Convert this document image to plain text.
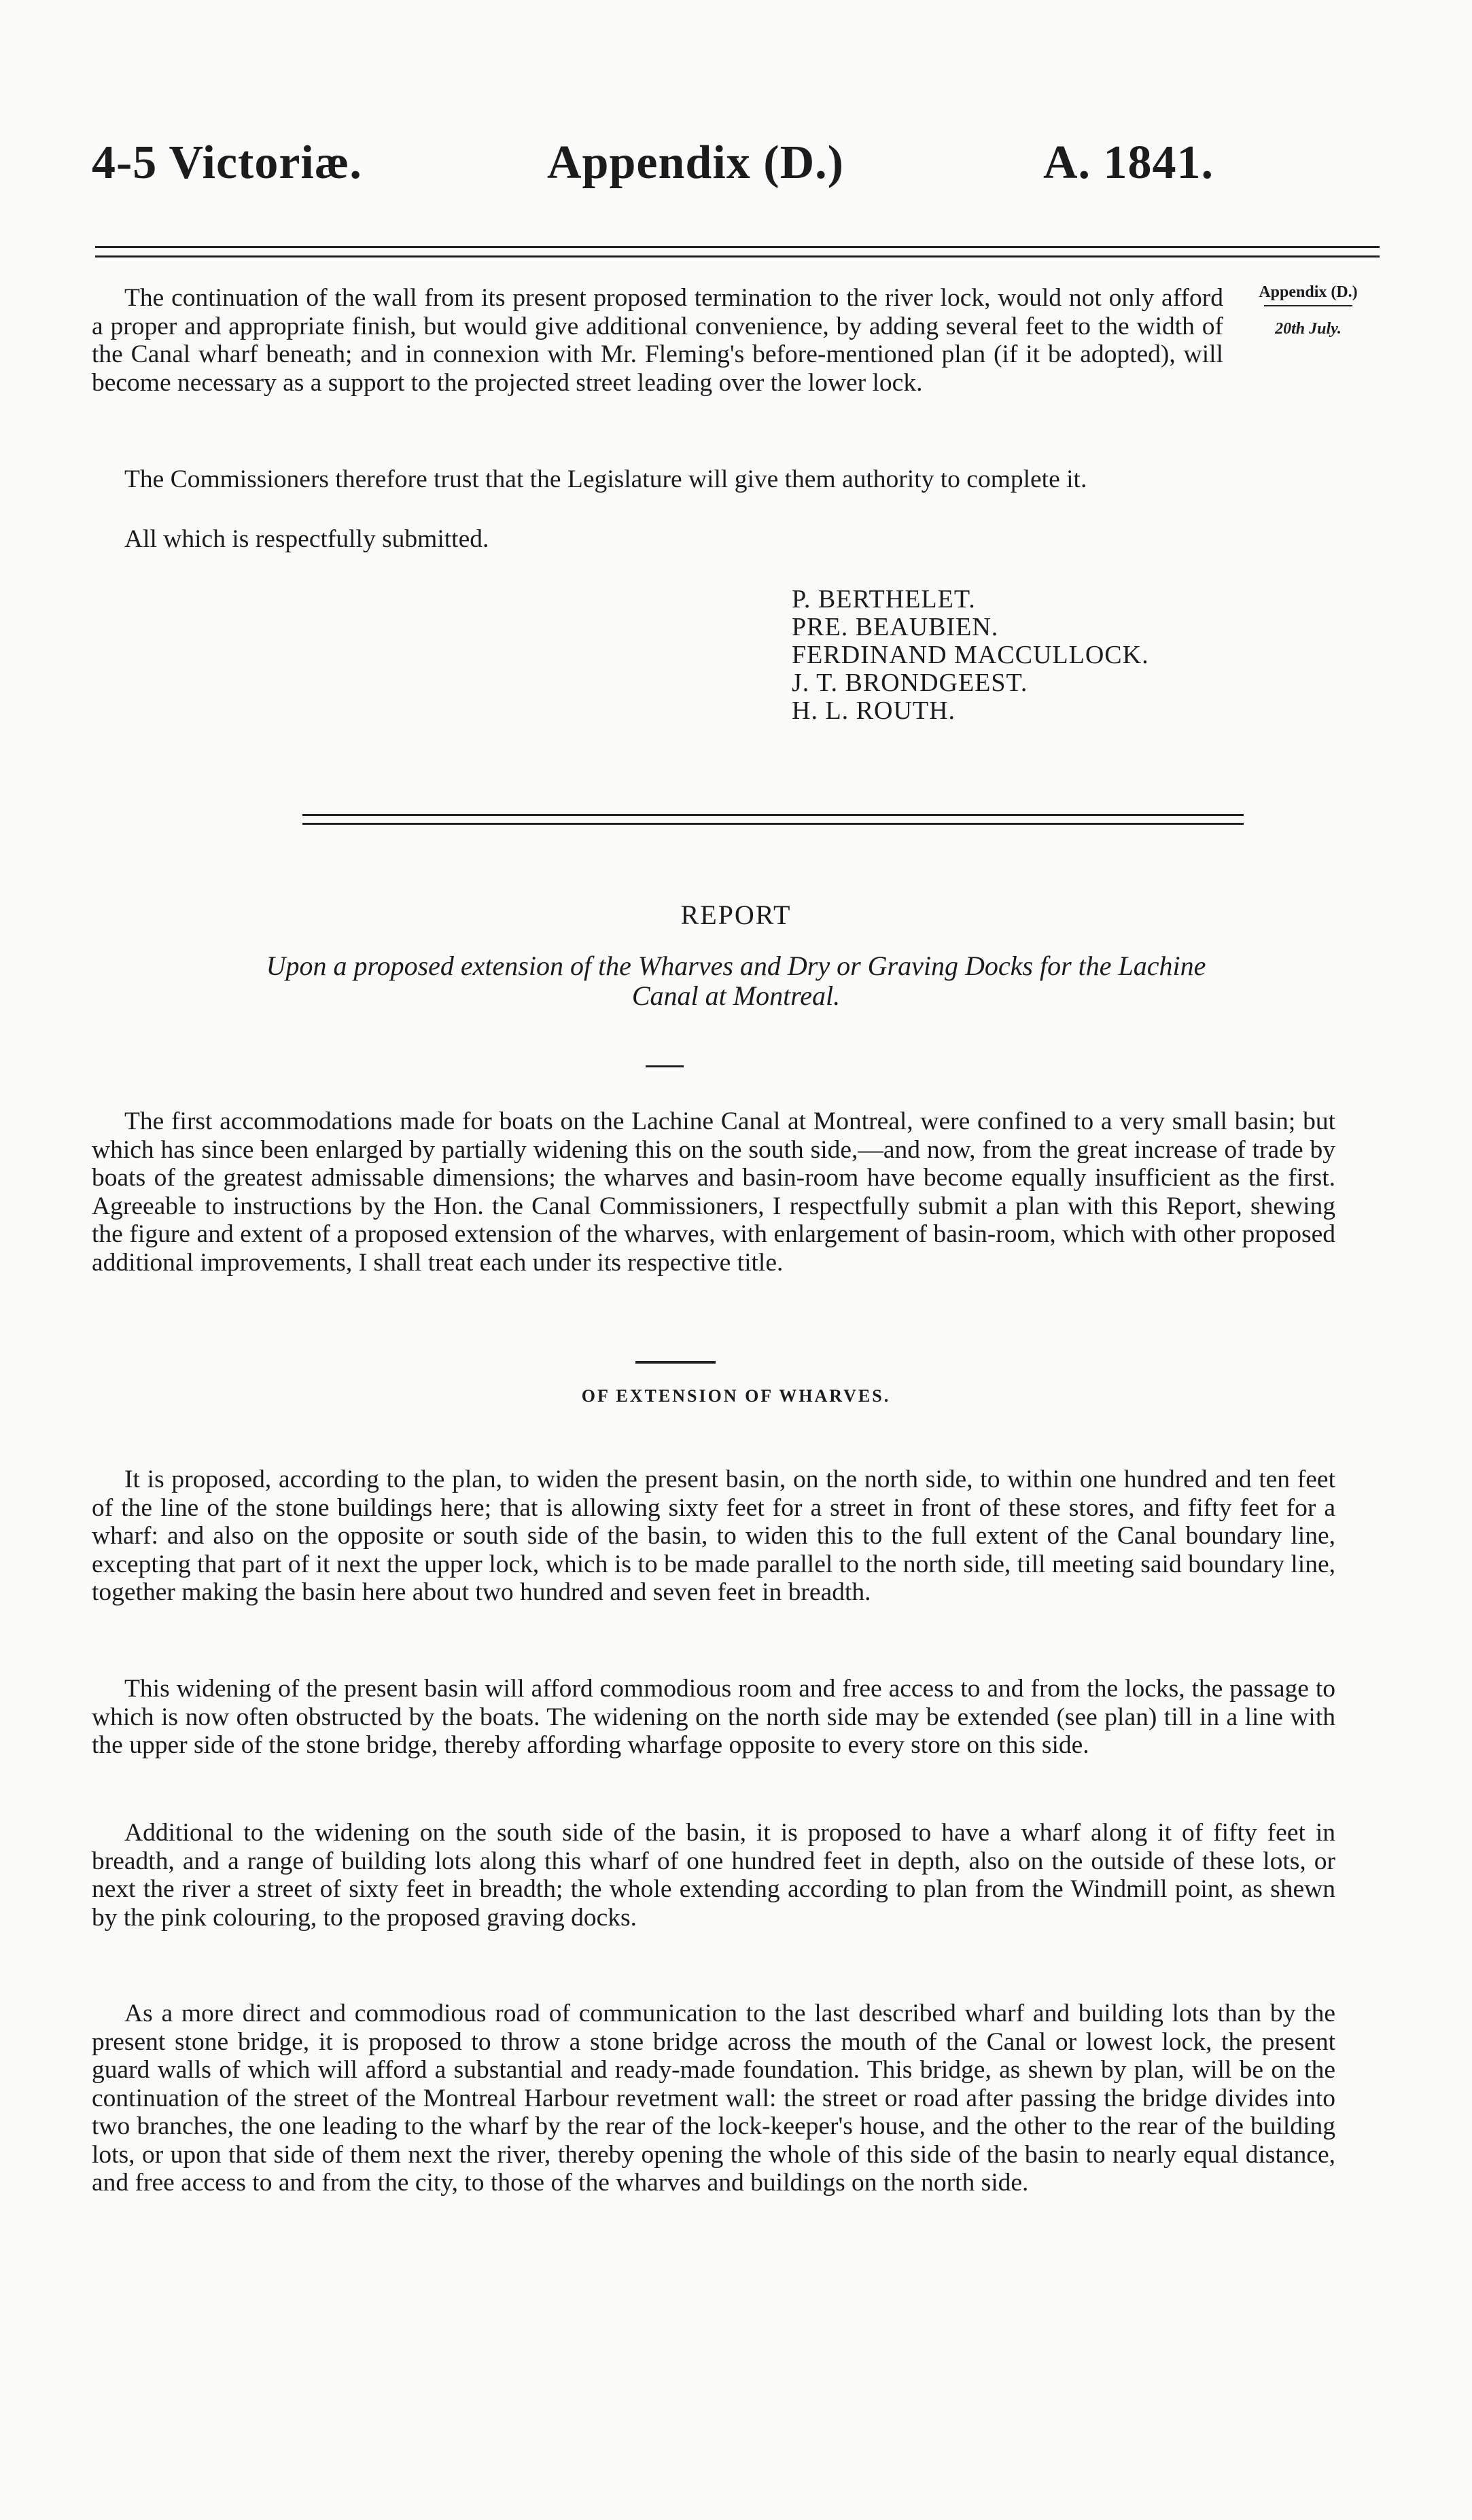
4-5 Victoriæ.	Appendix (D.)	A. 1841.
Appendix (D.)
20th July.
The continuation of the wall from its present proposed termination to the river lock, would not only afford a proper and appropriate finish, but would give additional convenience, by adding several feet to the width of the Canal wharf beneath; and in connexion with Mr. Fleming's before-mentioned plan (if it be adopted), will become necessary as a support to the projected street leading over the lower lock.
The Commissioners therefore trust that the Legislature will give them authority to complete it.
All which is respectfully submitted.
P. BERTHELET.
PRE. BEAUBIEN.
FERDINAND MACCULLOCK.
J. T. BRONDGEEST.
H. L. ROUTH.
REPORT
Upon a proposed extension of the Wharves and Dry or Graving Docks for the Lachine
Canal at Montreal.
The first accommodations made for boats on the Lachine Canal at Montreal, were confined to a very small basin; but which has since been enlarged by partially widening this on the south side,—and now, from the great increase of trade by boats of the greatest admissable dimensions; the wharves and basin-room have become equally insufficient as the first. Agreeable to instructions by the Hon. the Canal Commissioners, I respectfully submit a plan with this Report, shewing the figure and extent of a proposed extension of the wharves, with enlargement of basin-room, which with other proposed additional improvements, I shall treat each under its respective title.
OF EXTENSION OF WHARVES.
It is proposed, according to the plan, to widen the present basin, on the north side, to within one hundred and ten feet of the line of the stone buildings here; that is allowing sixty feet for a street in front of these stores, and fifty feet for a wharf: and also on the opposite or south side of the basin, to widen this to the full extent of the Canal boundary line, excepting that part of it next the upper lock, which is to be made parallel to the north side, till meeting said boundary line, together making the basin here about two hundred and seven feet in breadth.
This widening of the present basin will afford commodious room and free access to and from the locks, the passage to which is now often obstructed by the boats. The widening on the north side may be extended (see plan) till in a line with the upper side of the stone bridge, thereby affording wharfage opposite to every store on this side.
Additional to the widening on the south side of the basin, it is proposed to have a wharf along it of fifty feet in breadth, and a range of building lots along this wharf of one hundred feet in depth, also on the outside of these lots, or next the river a street of sixty feet in breadth; the whole extending according to plan from the Windmill point, as shewn by the pink colouring, to the proposed graving docks.
As a more direct and commodious road of communication to the last described wharf and building lots than by the present stone bridge, it is proposed to throw a stone bridge across the mouth of the Canal or lowest lock, the present guard walls of which will afford a substantial and ready-made foundation. This bridge, as shewn by plan, will be on the continuation of the street of the Montreal Harbour revetment wall: the street or road after passing the bridge divides into two branches, the one leading to the wharf by the rear of the lock-keeper's house, and the other to the rear of the building lots, or upon that side of them next the river, thereby opening the whole of this side of the basin to nearly equal distance, and free access to and from the city, to those of the wharves and buildings on the north side.
